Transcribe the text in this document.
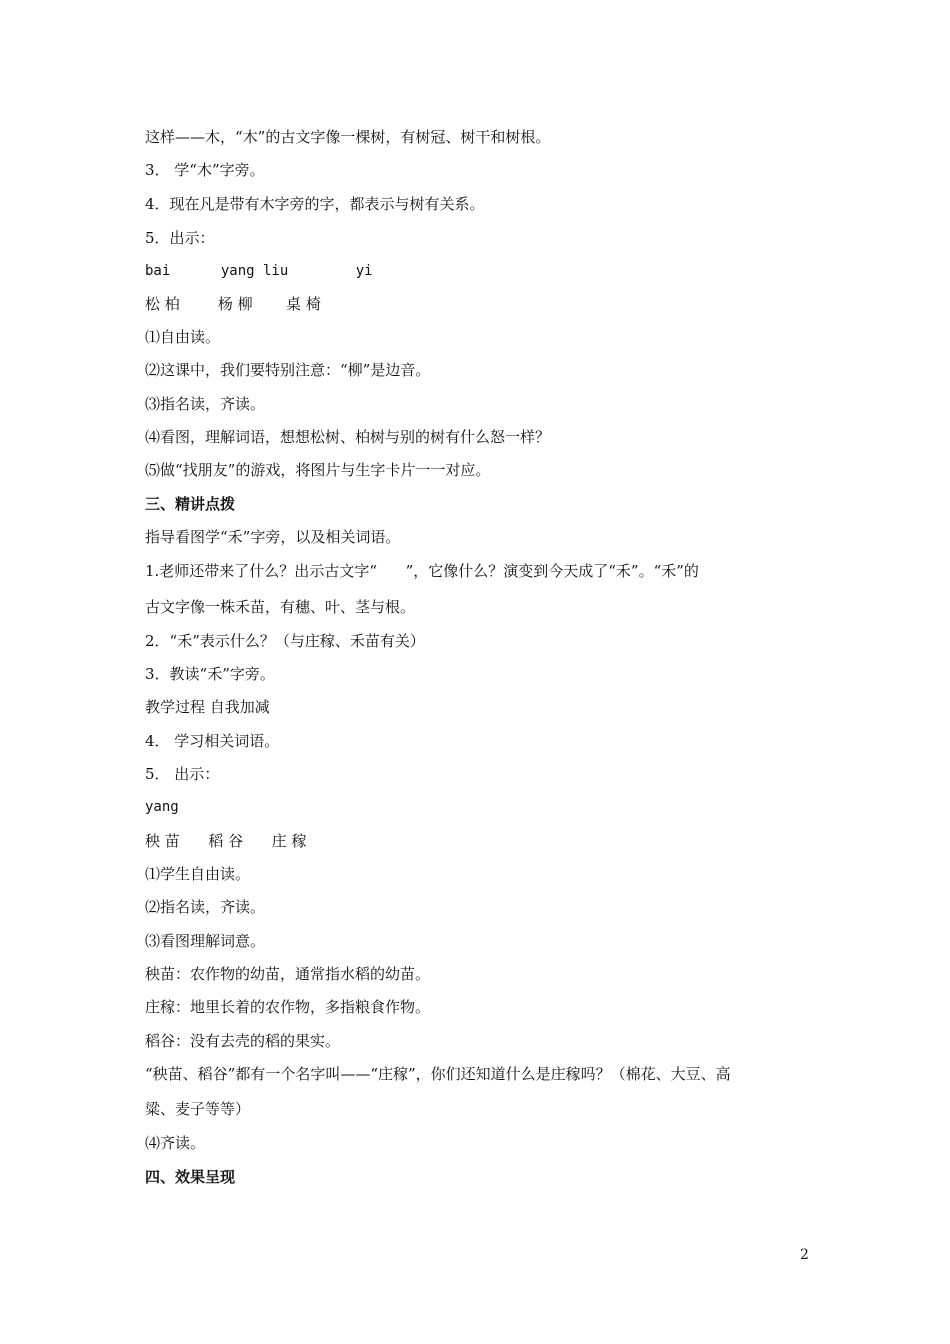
这样——木，“木”的古文字像一棵树，有树冠、树干和树根。
3． 学“木”字旁。
4．现在凡是带有木字旁的字，都表示与树有关系。
5．出示：
bai      yang liu        yi
松 柏        杨 柳       桌 椅
⑴自由读。
⑵这课中，我们要特别注意：“柳”是边音。
⑶指名读，齐读。
⑷看图，理解词语，想想松树、柏树与别的树有什么怒一样？
⑸做“找朋友”的游戏，将图片与生字卡片一一对应。
三、精讲点拨
指导看图学“禾”字旁，以及相关词语。
1.老师还带来了什么？出示古文字“      ”，它像什么？演变到今天成了“禾”。“禾”的
古文字像一株禾苗，有穗、叶、茎与根。
2．“禾”表示什么？（与庄稼、禾苗有关）
3．教读“禾”字旁。
教学过程 自我加减
4． 学习相关词语。
5． 出示：
yang
秧 苗      稻 谷      庄 稼
⑴学生自由读。
⑵指名读，齐读。
⑶看图理解词意。
秧苗：农作物的幼苗，通常指水稻的幼苗。
庄稼：地里长着的农作物，多指粮食作物。
稻谷：没有去壳的稻的果实。
“秧苗、稻谷”都有一个名字叫——“庄稼”，你们还知道什么是庄稼吗？（棉花、大豆、高
粱、麦子等等）
⑷齐读。
四、效果呈现
2
